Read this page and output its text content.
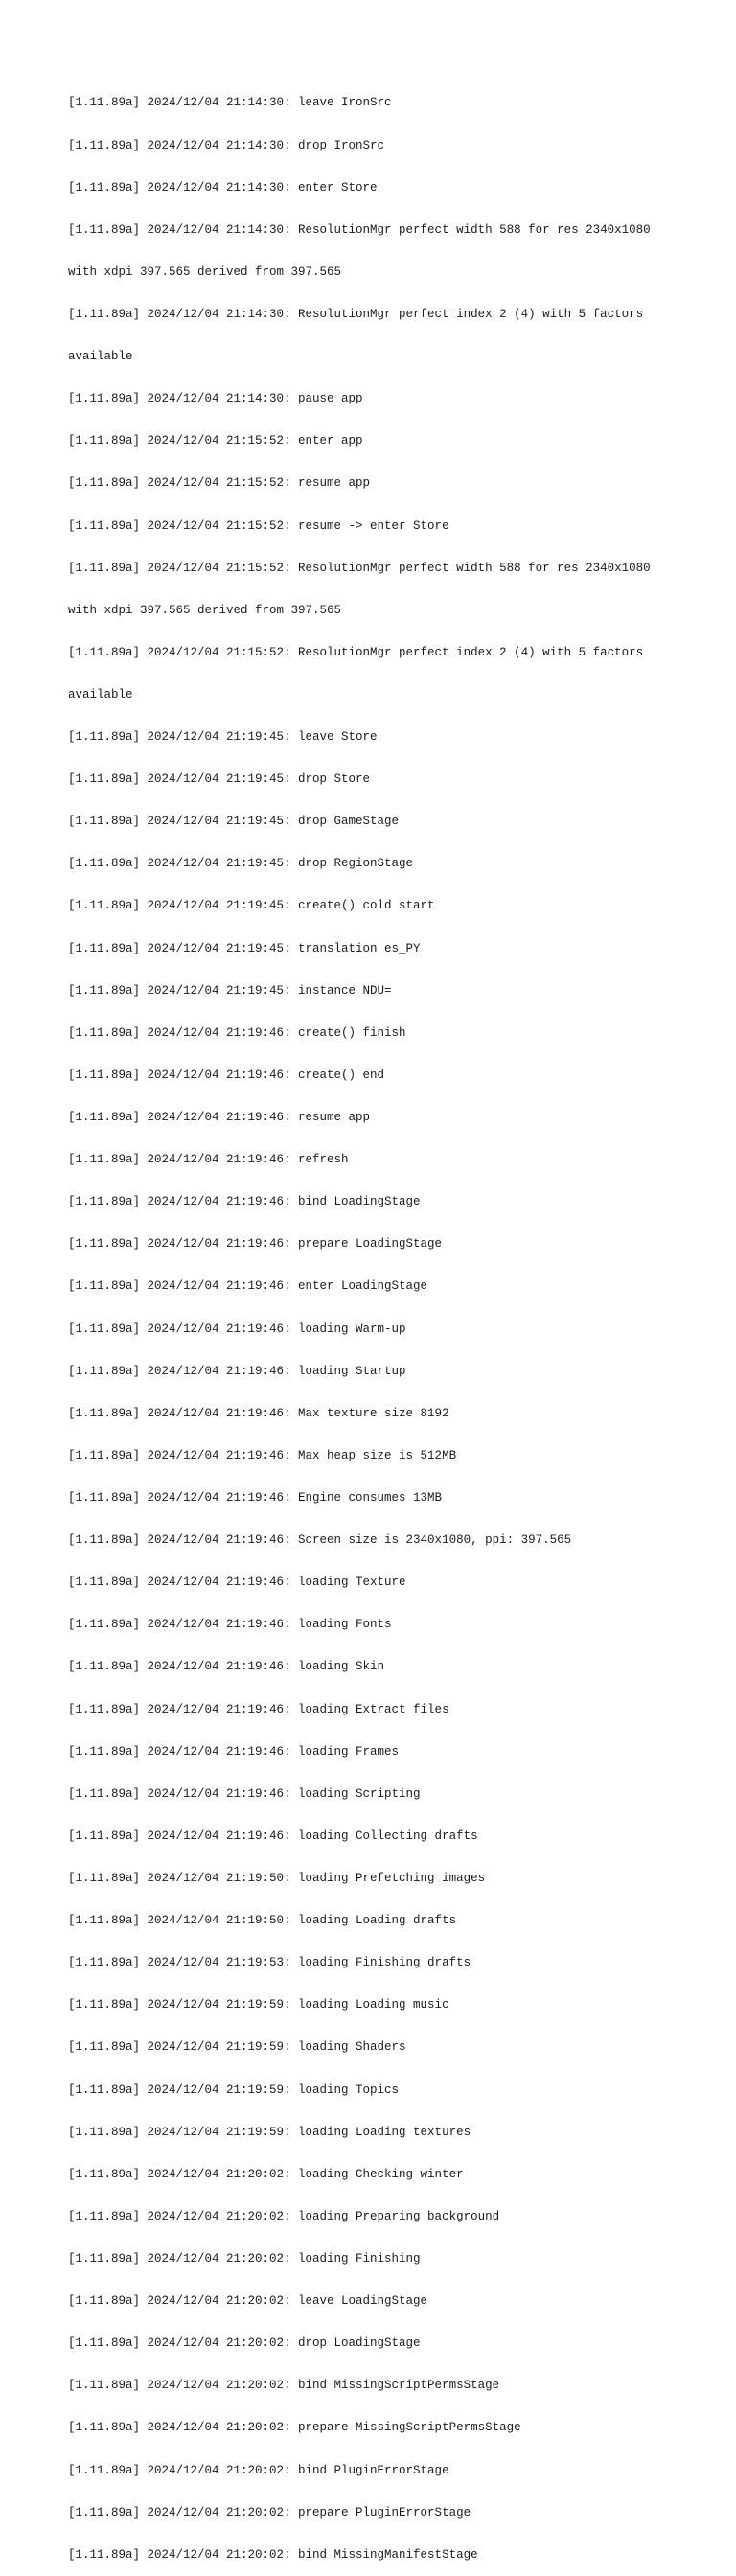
[1.11.89a] 2024/12/04 21:14:30: leave IronSrc

[1.11.89a] 2024/12/04 21:14:30: drop IronSrc

[1.11.89a] 2024/12/04 21:14:30: enter Store

[1.11.89a] 2024/12/04 21:14:30: ResolutionMgr perfect width 588 for res 2340x1080

with xdpi 397.565 derived from 397.565

[1.11.89a] 2024/12/04 21:14:30: ResolutionMgr perfect index 2 (4) with 5 factors

available

[1.11.89a] 2024/12/04 21:14:30: pause app

[1.11.89a] 2024/12/04 21:15:52: enter app

[1.11.89a] 2024/12/04 21:15:52: resume app

[1.11.89a] 2024/12/04 21:15:52: resume -> enter Store

[1.11.89a] 2024/12/04 21:15:52: ResolutionMgr perfect width 588 for res 2340x1080

with xdpi 397.565 derived from 397.565

[1.11.89a] 2024/12/04 21:15:52: ResolutionMgr perfect index 2 (4) with 5 factors

available

[1.11.89a] 2024/12/04 21:19:45: leave Store

[1.11.89a] 2024/12/04 21:19:45: drop Store

[1.11.89a] 2024/12/04 21:19:45: drop GameStage

[1.11.89a] 2024/12/04 21:19:45: drop RegionStage

[1.11.89a] 2024/12/04 21:19:45: create() cold start

[1.11.89a] 2024/12/04 21:19:45: translation es_PY

[1.11.89a] 2024/12/04 21:19:45: instance NDU=

[1.11.89a] 2024/12/04 21:19:46: create() finish

[1.11.89a] 2024/12/04 21:19:46: create() end

[1.11.89a] 2024/12/04 21:19:46: resume app

[1.11.89a] 2024/12/04 21:19:46: refresh

[1.11.89a] 2024/12/04 21:19:46: bind LoadingStage

[1.11.89a] 2024/12/04 21:19:46: prepare LoadingStage

[1.11.89a] 2024/12/04 21:19:46: enter LoadingStage

[1.11.89a] 2024/12/04 21:19:46: loading Warm-up

[1.11.89a] 2024/12/04 21:19:46: loading Startup

[1.11.89a] 2024/12/04 21:19:46: Max texture size 8192

[1.11.89a] 2024/12/04 21:19:46: Max heap size is 512MB

[1.11.89a] 2024/12/04 21:19:46: Engine consumes 13MB

[1.11.89a] 2024/12/04 21:19:46: Screen size is 2340x1080, ppi: 397.565

[1.11.89a] 2024/12/04 21:19:46: loading Texture

[1.11.89a] 2024/12/04 21:19:46: loading Fonts

[1.11.89a] 2024/12/04 21:19:46: loading Skin

[1.11.89a] 2024/12/04 21:19:46: loading Extract files

[1.11.89a] 2024/12/04 21:19:46: loading Frames

[1.11.89a] 2024/12/04 21:19:46: loading Scripting

[1.11.89a] 2024/12/04 21:19:46: loading Collecting drafts

[1.11.89a] 2024/12/04 21:19:50: loading Prefetching images

[1.11.89a] 2024/12/04 21:19:50: loading Loading drafts

[1.11.89a] 2024/12/04 21:19:53: loading Finishing drafts

[1.11.89a] 2024/12/04 21:19:59: loading Loading music

[1.11.89a] 2024/12/04 21:19:59: loading Shaders

[1.11.89a] 2024/12/04 21:19:59: loading Topics

[1.11.89a] 2024/12/04 21:19:59: loading Loading textures

[1.11.89a] 2024/12/04 21:20:02: loading Checking winter

[1.11.89a] 2024/12/04 21:20:02: loading Preparing background

[1.11.89a] 2024/12/04 21:20:02: loading Finishing

[1.11.89a] 2024/12/04 21:20:02: leave LoadingStage

[1.11.89a] 2024/12/04 21:20:02: drop LoadingStage

[1.11.89a] 2024/12/04 21:20:02: bind MissingScriptPermsStage

[1.11.89a] 2024/12/04 21:20:02: prepare MissingScriptPermsStage

[1.11.89a] 2024/12/04 21:20:02: bind PluginErrorStage

[1.11.89a] 2024/12/04 21:20:02: prepare PluginErrorStage

[1.11.89a] 2024/12/04 21:20:02: bind MissingManifestStage
